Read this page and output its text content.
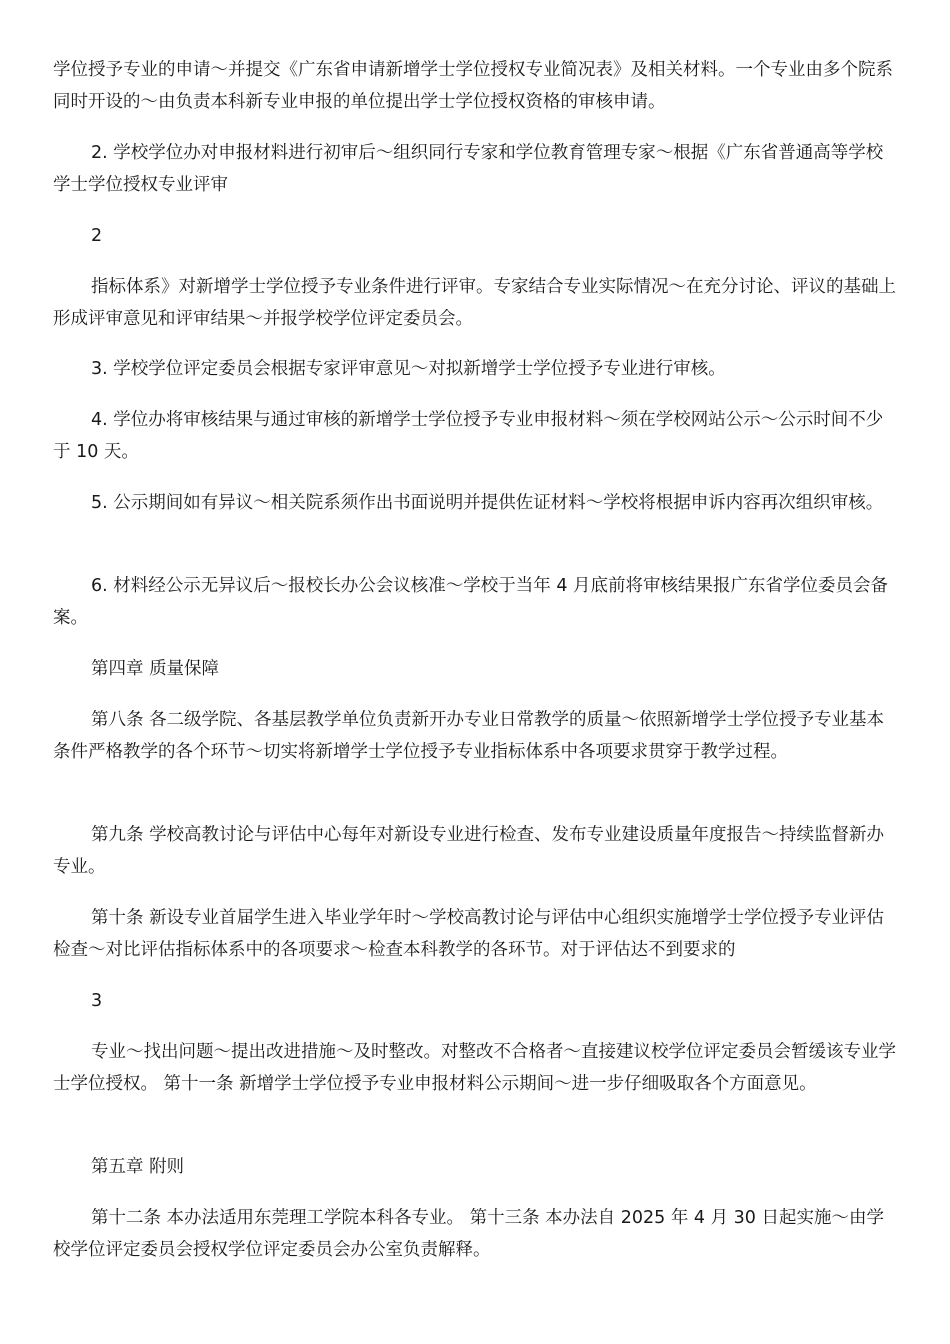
学位授予专业的申请～并提交《广东省申请新增学士学位授权专业简况表》及相关材料。一个专业由多个院系同时开设的～由负责本科新专业申报的单位提出学士学位授权资格的审核申请。

2. 学校学位办对申报材料进行初审后～组织同行专家和学位教育管理专家～根据《广东省普通高等学校学士学位授权专业评审

2

指标体系》对新增学士学位授予专业条件进行评审。专家结合专业实际情况～在充分讨论、评议的基础上形成评审意见和评审结果～并报学校学位评定委员会。

3. 学校学位评定委员会根据专家评审意见～对拟新增学士学位授予专业进行审核。

4. 学位办将审核结果与通过审核的新增学士学位授予专业申报材料～须在学校网站公示～公示时间不少于 10 天。

5. 公示期间如有异议～相关院系须作出书面说明并提供佐证材料～学校将根据申诉内容再次组织审核。

6. 材料经公示无异议后～报校长办公会议核准～学校于当年 4 月底前将审核结果报广东省学位委员会备案。

第四章 质量保障

第八条 各二级学院、各基层教学单位负责新开办专业日常教学的质量～依照新增学士学位授予专业基本条件严格教学的各个环节～切实将新增学士学位授予专业指标体系中各项要求贯穿于教学过程。

第九条 学校高教讨论与评估中心每年对新设专业进行检查、发布专业建设质量年度报告～持续监督新办专业。

第十条 新设专业首届学生进入毕业学年时～学校高教讨论与评估中心组织实施增学士学位授予专业评估检查～对比评估指标体系中的各项要求～检查本科教学的各环节。对于评估达不到要求的

3

专业～找出问题～提出改进措施～及时整改。对整改不合格者～直接建议校学位评定委员会暂缓该专业学士学位授权。 第十一条 新增学士学位授予专业申报材料公示期间～进一步仔细吸取各个方面意见。

第五章 附则

第十二条 本办法适用东莞理工学院本科各专业。 第十三条 本办法自 2025 年 4 月 30 日起实施～由学校学位评定委员会授权学位评定委员会办公室负责解释。
